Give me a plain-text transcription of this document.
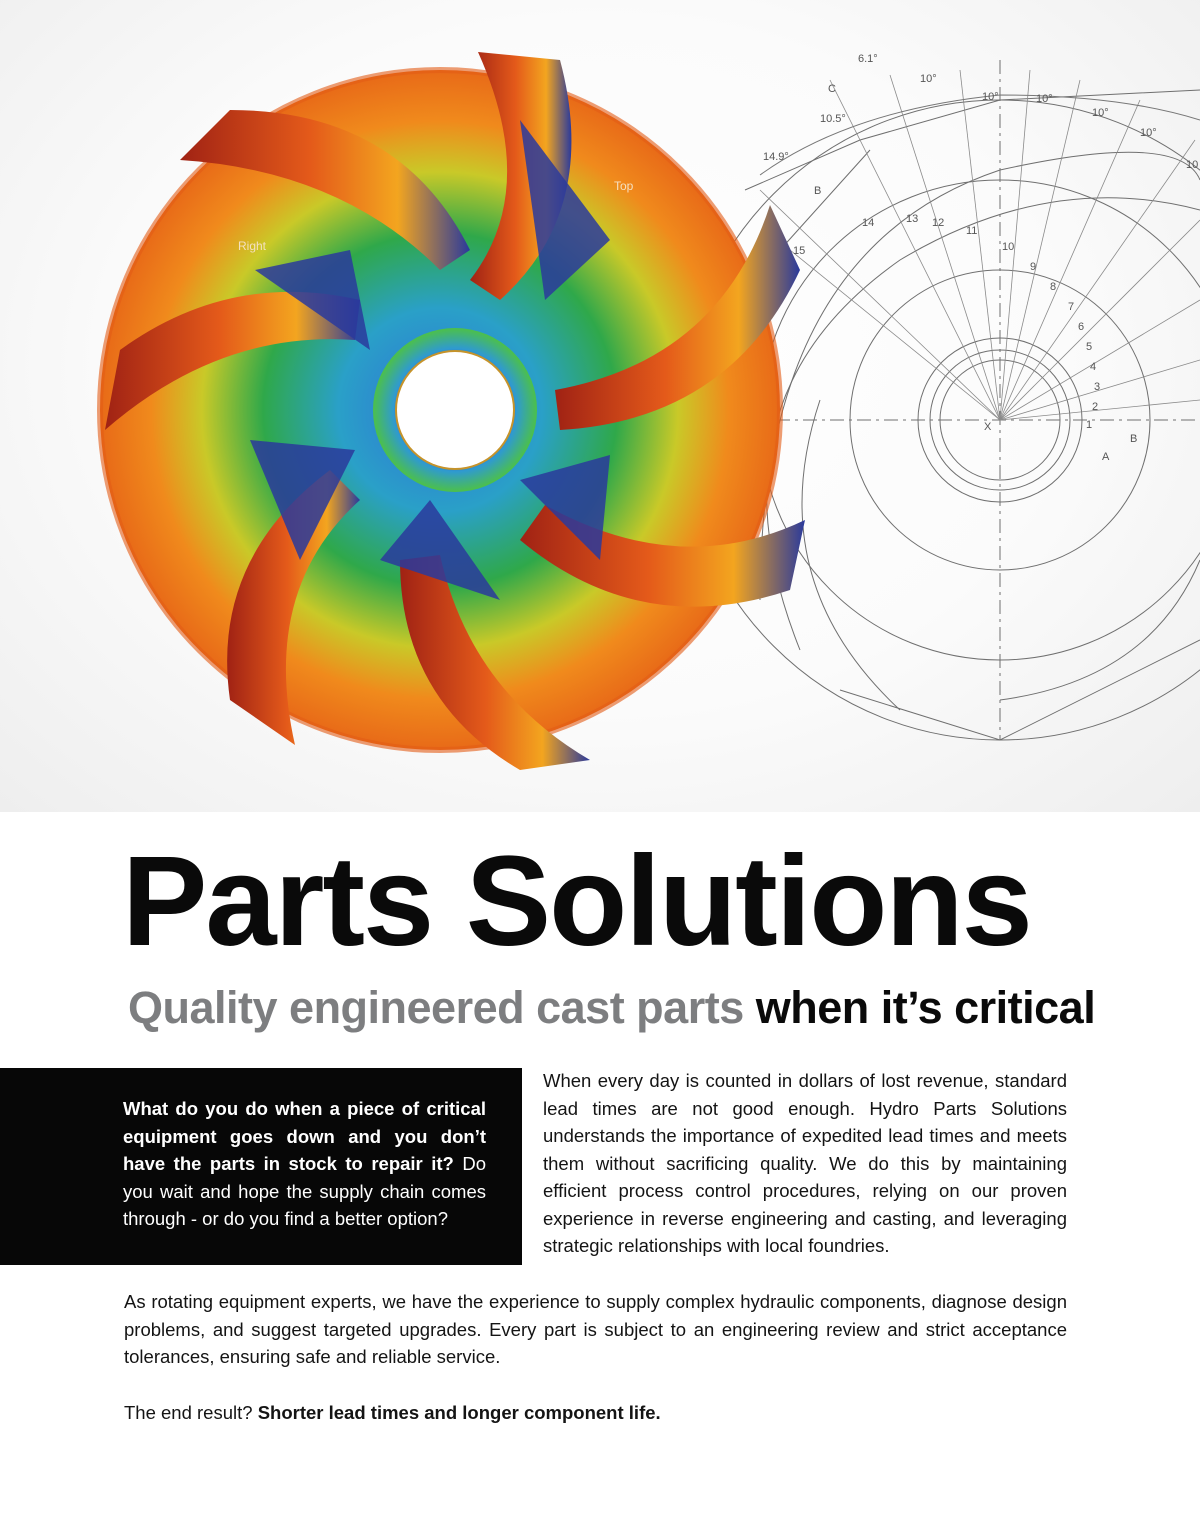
6.1°
10°
10°	10°
10°
10°
10.5°
14.9°
10
C
B
X
B
A
15
14	13 12
11
10
9
8
7
6
5
4
3
2
1
Top
Right
Parts Solutions
Quality engineered cast parts when it’s critical

What do you do when a piece of critical equipment goes down and you don’t have the parts in stock to repair it? Do you wait and hope the supply chain comes through - or do you find a better option?

When every day is counted in dollars of lost revenue, standard lead times are not good enough. Hydro Parts Solutions understands the importance of expedited lead times and meets them without sacrificing quality. We do this by maintaining efficient process control procedures, relying on our proven experience in reverse engineering and casting, and leveraging strategic relationships with local foundries.

As rotating equipment experts, we have the experience to supply complex hydraulic components, diagnose design problems, and suggest targeted upgrades. Every part is subject to an engineering review and strict acceptance tolerances, ensuring safe and reliable service.

The end result? Shorter lead times and longer component life.
